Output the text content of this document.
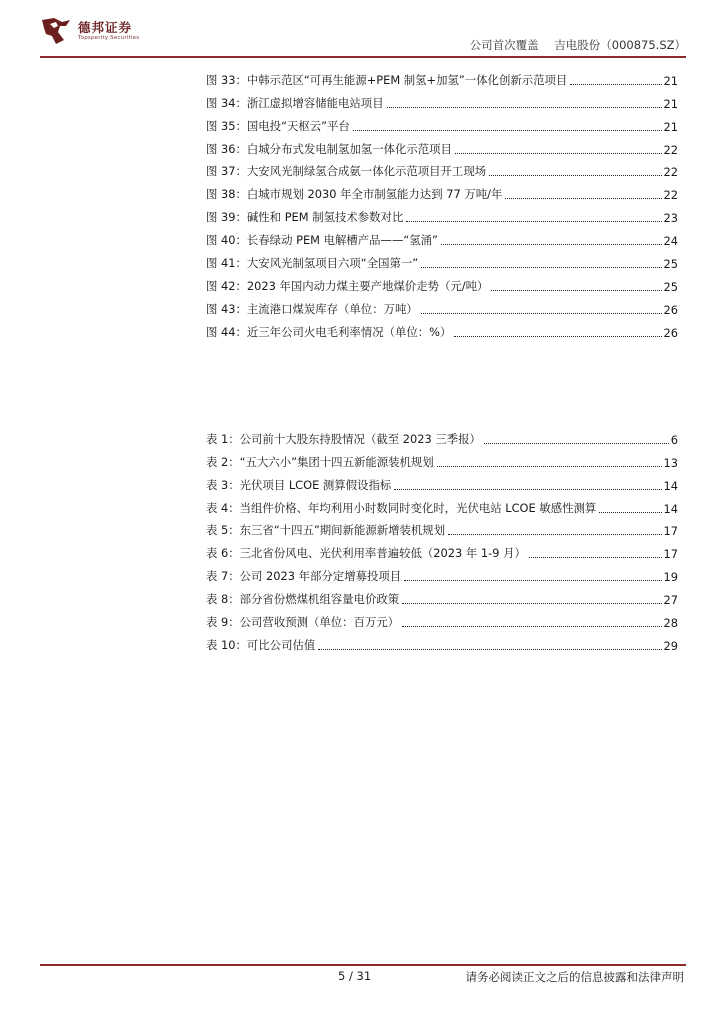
德邦证券
Topsperity Securities	公司首次覆盖 吉电股份（000875.SZ）
图 33：中韩示范区“可再生能源+PEM 制氢+加氢”一体化创新示范项目	21
图 34：浙江虚拟增容储能电站项目	21
图 35：国电投“天枢云”平台	21
图 36：白城分布式发电制氢加氢一体化示范项目	22
图 37：大安风光制绿氢合成氨一体化示范项目开工现场	22
图 38：白城市规划 2030 年全市制氢能力达到 77 万吨/年	22
图 39：碱性和 PEM 制氢技术参数对比	23
图 40：长春绿动 PEM 电解槽产品——“氢涌”	24
图 41：大安风光制氢项目六项“全国第一”	25
图 42：2023 年国内动力煤主要产地煤价走势（元/吨）	25
图 43：主流港口煤炭库存（单位：万吨）	26
图 44：近三年公司火电毛利率情况（单位：%）	26
表 1：公司前十大股东持股情况（截至 2023 三季报）	6
表 2：“五大六小”集团十四五新能源装机规划	13
表 3：光伏项目 LCOE 测算假设指标	14
表 4：当组件价格、年均利用小时数同时变化时，光伏电站 LCOE 敏感性测算	14
表 5：东三省“十四五”期间新能源新增装机规划	17
表 6：三北省份风电、光伏利用率普遍较低（2023 年 1-9 月）	17
表 7：公司 2023 年部分定增募投项目	19
表 8：部分省份燃煤机组容量电价政策	27
表 9：公司营收预测（单位：百万元）	28
表 10：可比公司估值	29
5 / 31	请务必阅读正文之后的信息披露和法律声明
